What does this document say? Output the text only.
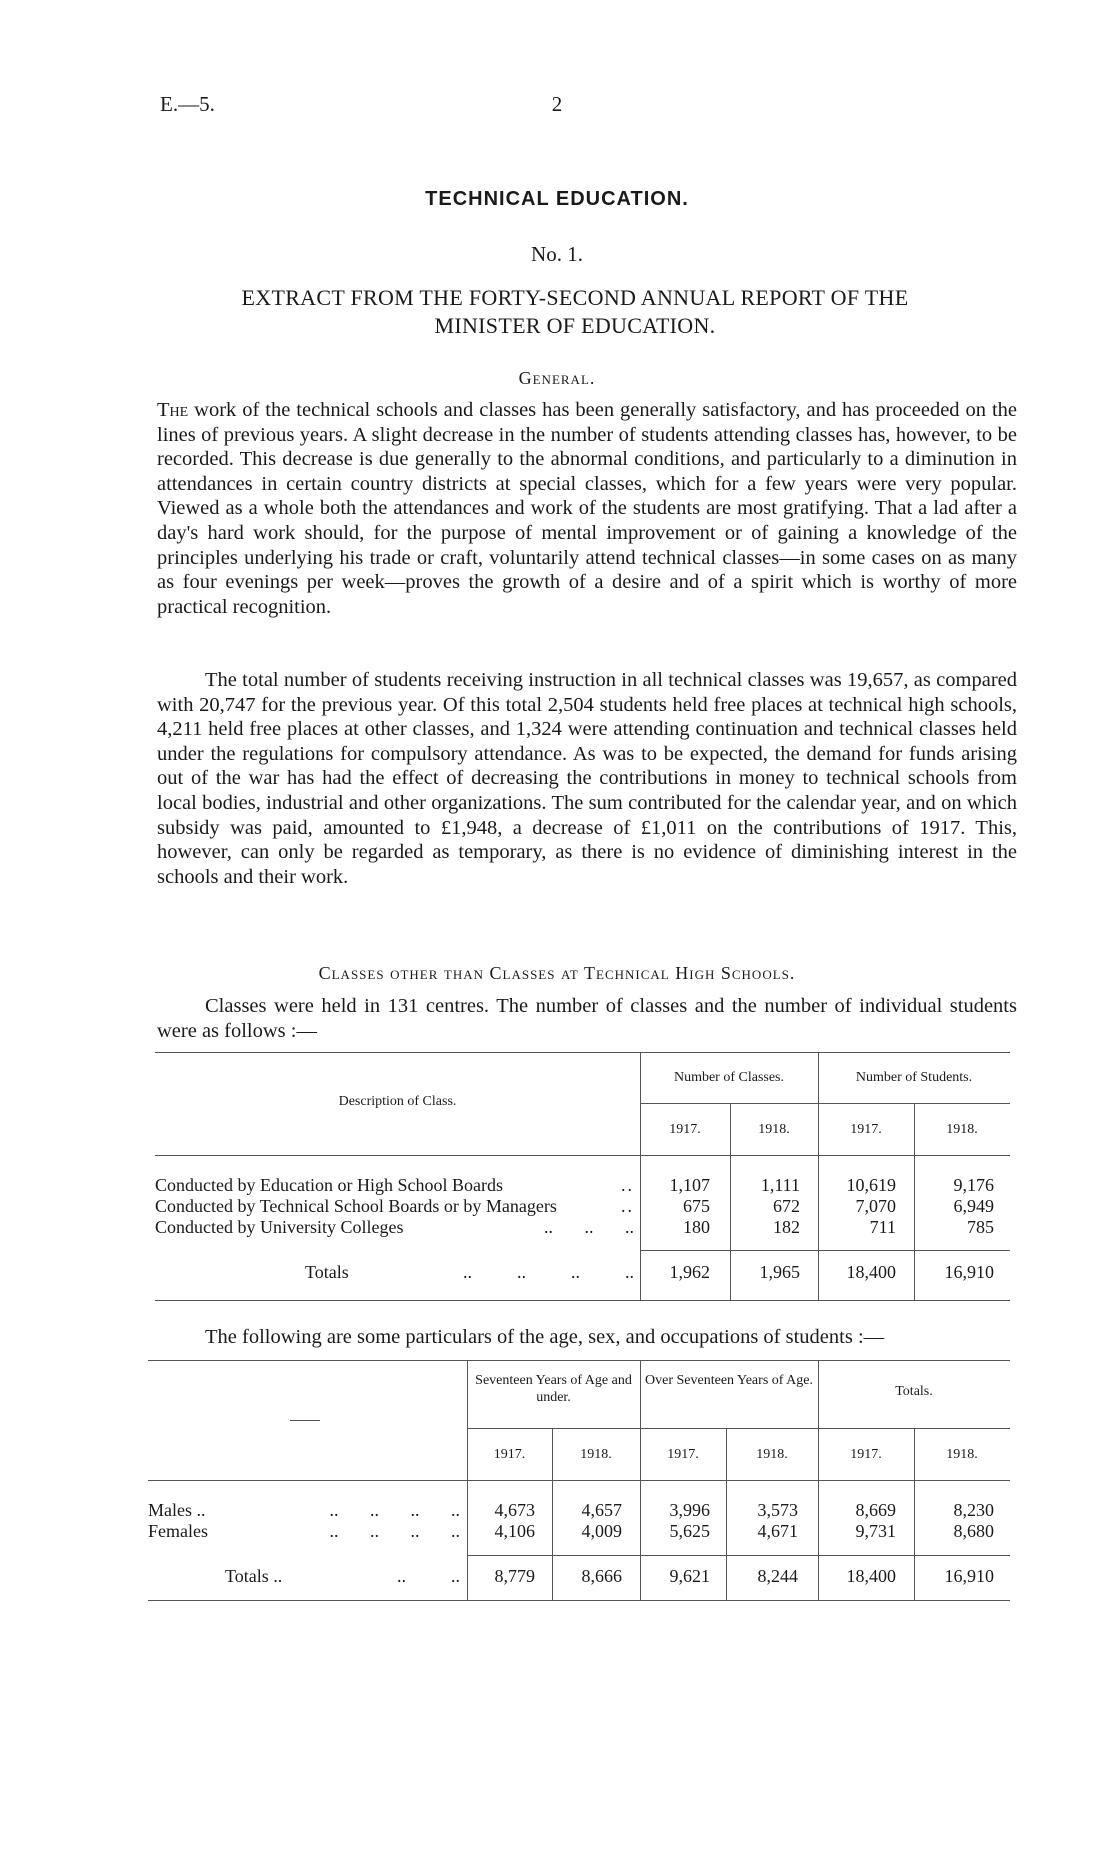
E.—5.	2
TECHNICAL EDUCATION.
No. 1.
EXTRACT FROM THE FORTY-SECOND ANNUAL REPORT OF THE
MINISTER OF EDUCATION.
General.

The work of the technical schools and classes has been generally satisfactory, and has proceeded on the lines of previous years. A slight decrease in the number of students attending classes has, however, to be recorded. This decrease is due generally to the abnormal conditions, and particularly to a diminution in attendances in certain country districts at special classes, which for a few years were very popular. Viewed as a whole both the attendances and work of the students are most gratifying. That a lad after a day's hard work should, for the purpose of mental improvement or of gaining a knowledge of the principles underlying his trade or craft, voluntarily attend technical classes—in some cases on as many as four evenings per week—proves the growth of a desire and of a spirit which is worthy of more practical recognition.

The total number of students receiving instruction in all technical classes was 19,657, as compared with 20,747 for the previous year. Of this total 2,504 students held free places at technical high schools, 4,211 held free places at other classes, and 1,324 were attending continuation and technical classes held under the regulations for compulsory attendance. As was to be expected, the demand for funds arising out of the war has had the effect of decreasing the contributions in money to technical schools from local bodies, industrial and other organizations. The sum contributed for the calendar year, and on which subsidy was paid, amounted to £1,948, a decrease of £1,011 on the contributions of 1917. This, however, can only be regarded as temporary, as there is no evidence of diminishing interest in the schools and their work.

Classes other than Classes at Technical High Schools.

Classes were held in 131 centres. The number of classes and the number of individual students were as follows :—

Description of Class.
Number of Classes.	Number of Students.
1917.	1918.	1917.	1918.
Conducted by Education or High School Boards	..	1,107	1,111	10,619	9,176
Conducted by Technical School Boards or by Managers	..	675	672	7,070	6,949
Conducted by University Colleges	..       ..       ..	180	182	711	785
Totals	..          ..          ..          ..	1,962	1,965	18,400	16,910

The following are some particulars of the age, sex, and occupations of students :—

Seventeen Years of Age and under.
Over Seventeen Years of Age.
Totals.
1917.	1918.	1917.	1918.	1917.	1918.
Males ..	..       ..       ..       ..	4,673	4,657	3,996	3,573	8,669	8,230
Females	..       ..       ..       ..	4,106	4,009	5,625	4,671	9,731	8,680
Totals ..	..          ..	8,779	8,666	9,621	8,244	18,400	16,910
